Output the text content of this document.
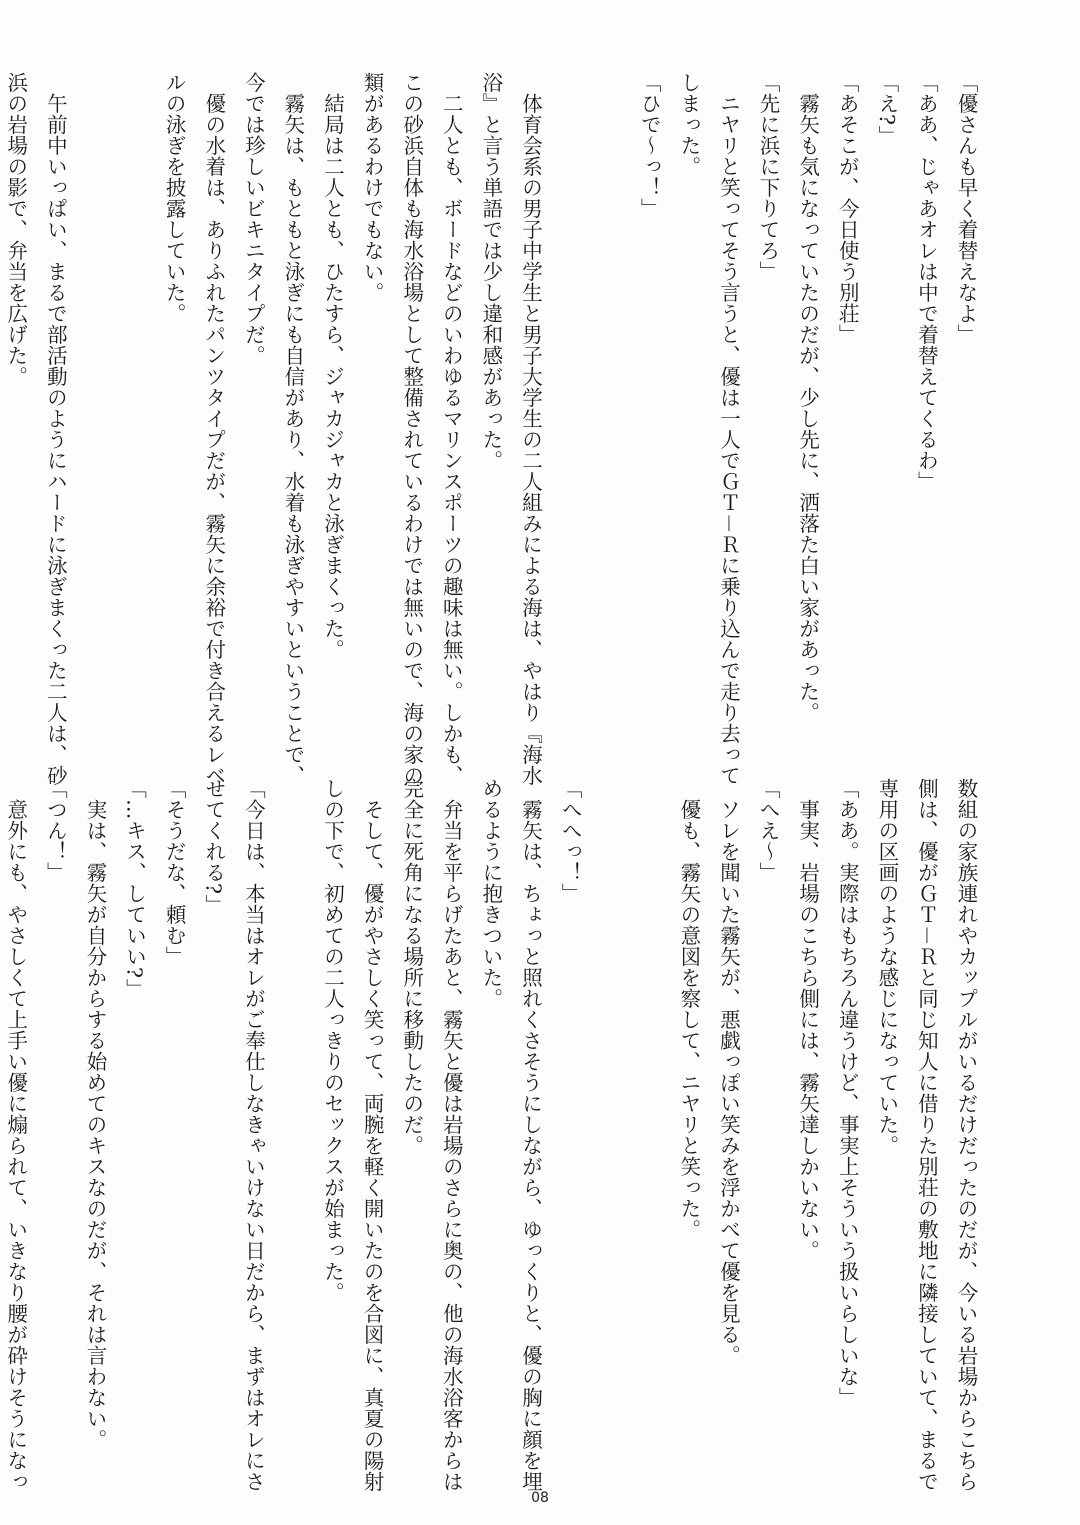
「優さんも早く着替えなよ」

「ああ、じゃあオレは中で着替えてくるわ」

「え?」

「あそこが、今日使う別荘」

　霧矢も気になっていたのだが、少し先に、洒落た白い家があった。

「先に浜に下りてろ」

　ニヤリと笑ってそう言うと、優は一人でＧＴ－Ｒに乗り込んで走り去って

しまった。

「ひで～っ！」

　体育会系の男子中学生と男子大学生の二人組みによる海は、やはり『海水

浴』と言う単語では少し違和感があった。

　二人とも、ボードなどのいわゆるマリンスポーツの趣味は無い。しかも、

この砂浜自体も海水浴場として整備されているわけでは無いので、海の家の

類があるわけでもない。

　結局は二人とも、ひたすら、ジャカジャカと泳ぎまくった。

　霧矢は、もともと泳ぎにも自信があり、水着も泳ぎやすいということで、

今では珍しいビキニタイプだ。

　優の水着は、ありふれたパンツタイプだが、霧矢に余裕で付き合えるレベ

ルの泳ぎを披露していた。

　午前中いっぱい、まるで部活動のようにハードに泳ぎまくった二人は、砂

浜の岩場の影で、弁当を広げた。

数組の家族連れやカップルがいるだけだったのだが、今いる岩場からこちら

側は、優がＧＴ－Ｒと同じ知人に借りた別荘の敷地に隣接していて、まるで

専用の区画のような感じになっていた。

「ああ。実際はもちろん違うけど、事実上そういう扱いらしいな」

　事実、岩場のこちら側には、霧矢達しかいない。

「へえ～」

　ソレを聞いた霧矢が、悪戯っぽい笑みを浮かべて優を見る。

　優も、霧矢の意図を察して、ニヤリと笑った。

「へへっ！」

　霧矢は、ちょっと照れくさそうにしながら、ゆっくりと、優の胸に顔を埋

めるように抱きついた。

　弁当を平らげたあと、霧矢と優は岩場のさらに奥の、他の海水浴客からは

完全に死角になる場所に移動したのだ。

　そして、優がやさしく笑って、両腕を軽く開いたのを合図に、真夏の陽射

しの下で、初めての二人っきりのセックスが始まった。

「今日は、本当はオレがご奉仕しなきゃいけない日だから、まずはオレにさ

せてくれる?」

「そうだな、頼む」

「…キス、していい?」

　実は、霧矢が自分からする始めてのキスなのだが、それは言わない。

「つん！」

　意外にも、やさしくて上手い優に煽られて、いきなり腰が砕けそうになっ

08
